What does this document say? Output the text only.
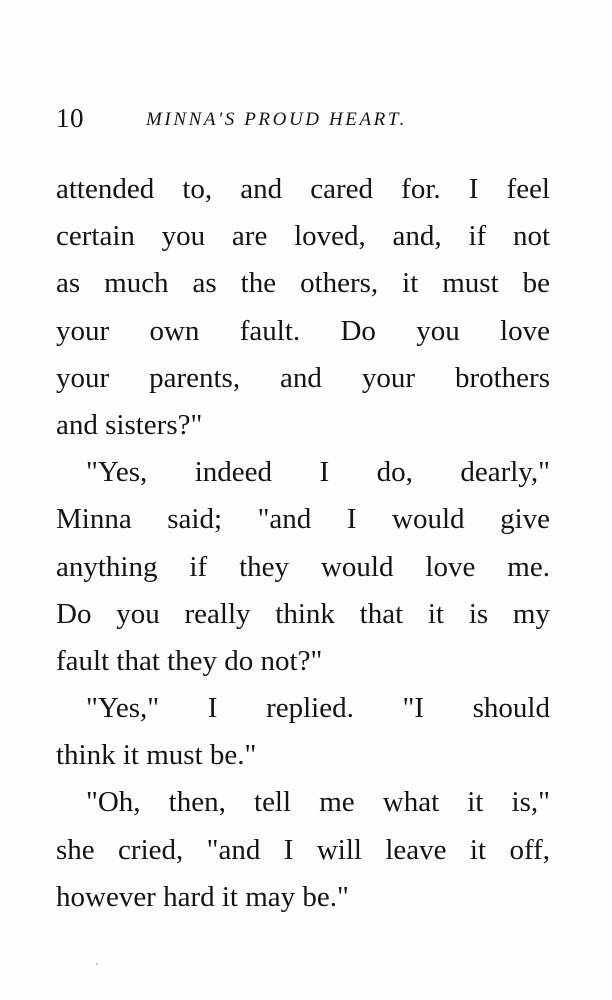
10	MINNA'S PROUD HEART.
attended to, and cared for. I feel
certain you are loved, and, if not
as much as the others, it must be
your own fault. Do you love
your parents, and your brothers
and sisters?"
"Yes, indeed I do, dearly,"
Minna said; "and I would give
anything if they would love me.
Do you really think that it is my
fault that they do not?"
"Yes," I replied. "I should
think it must be."
"Oh, then, tell me what it is,"
she cried, "and I will leave it off,
however hard it may be."
